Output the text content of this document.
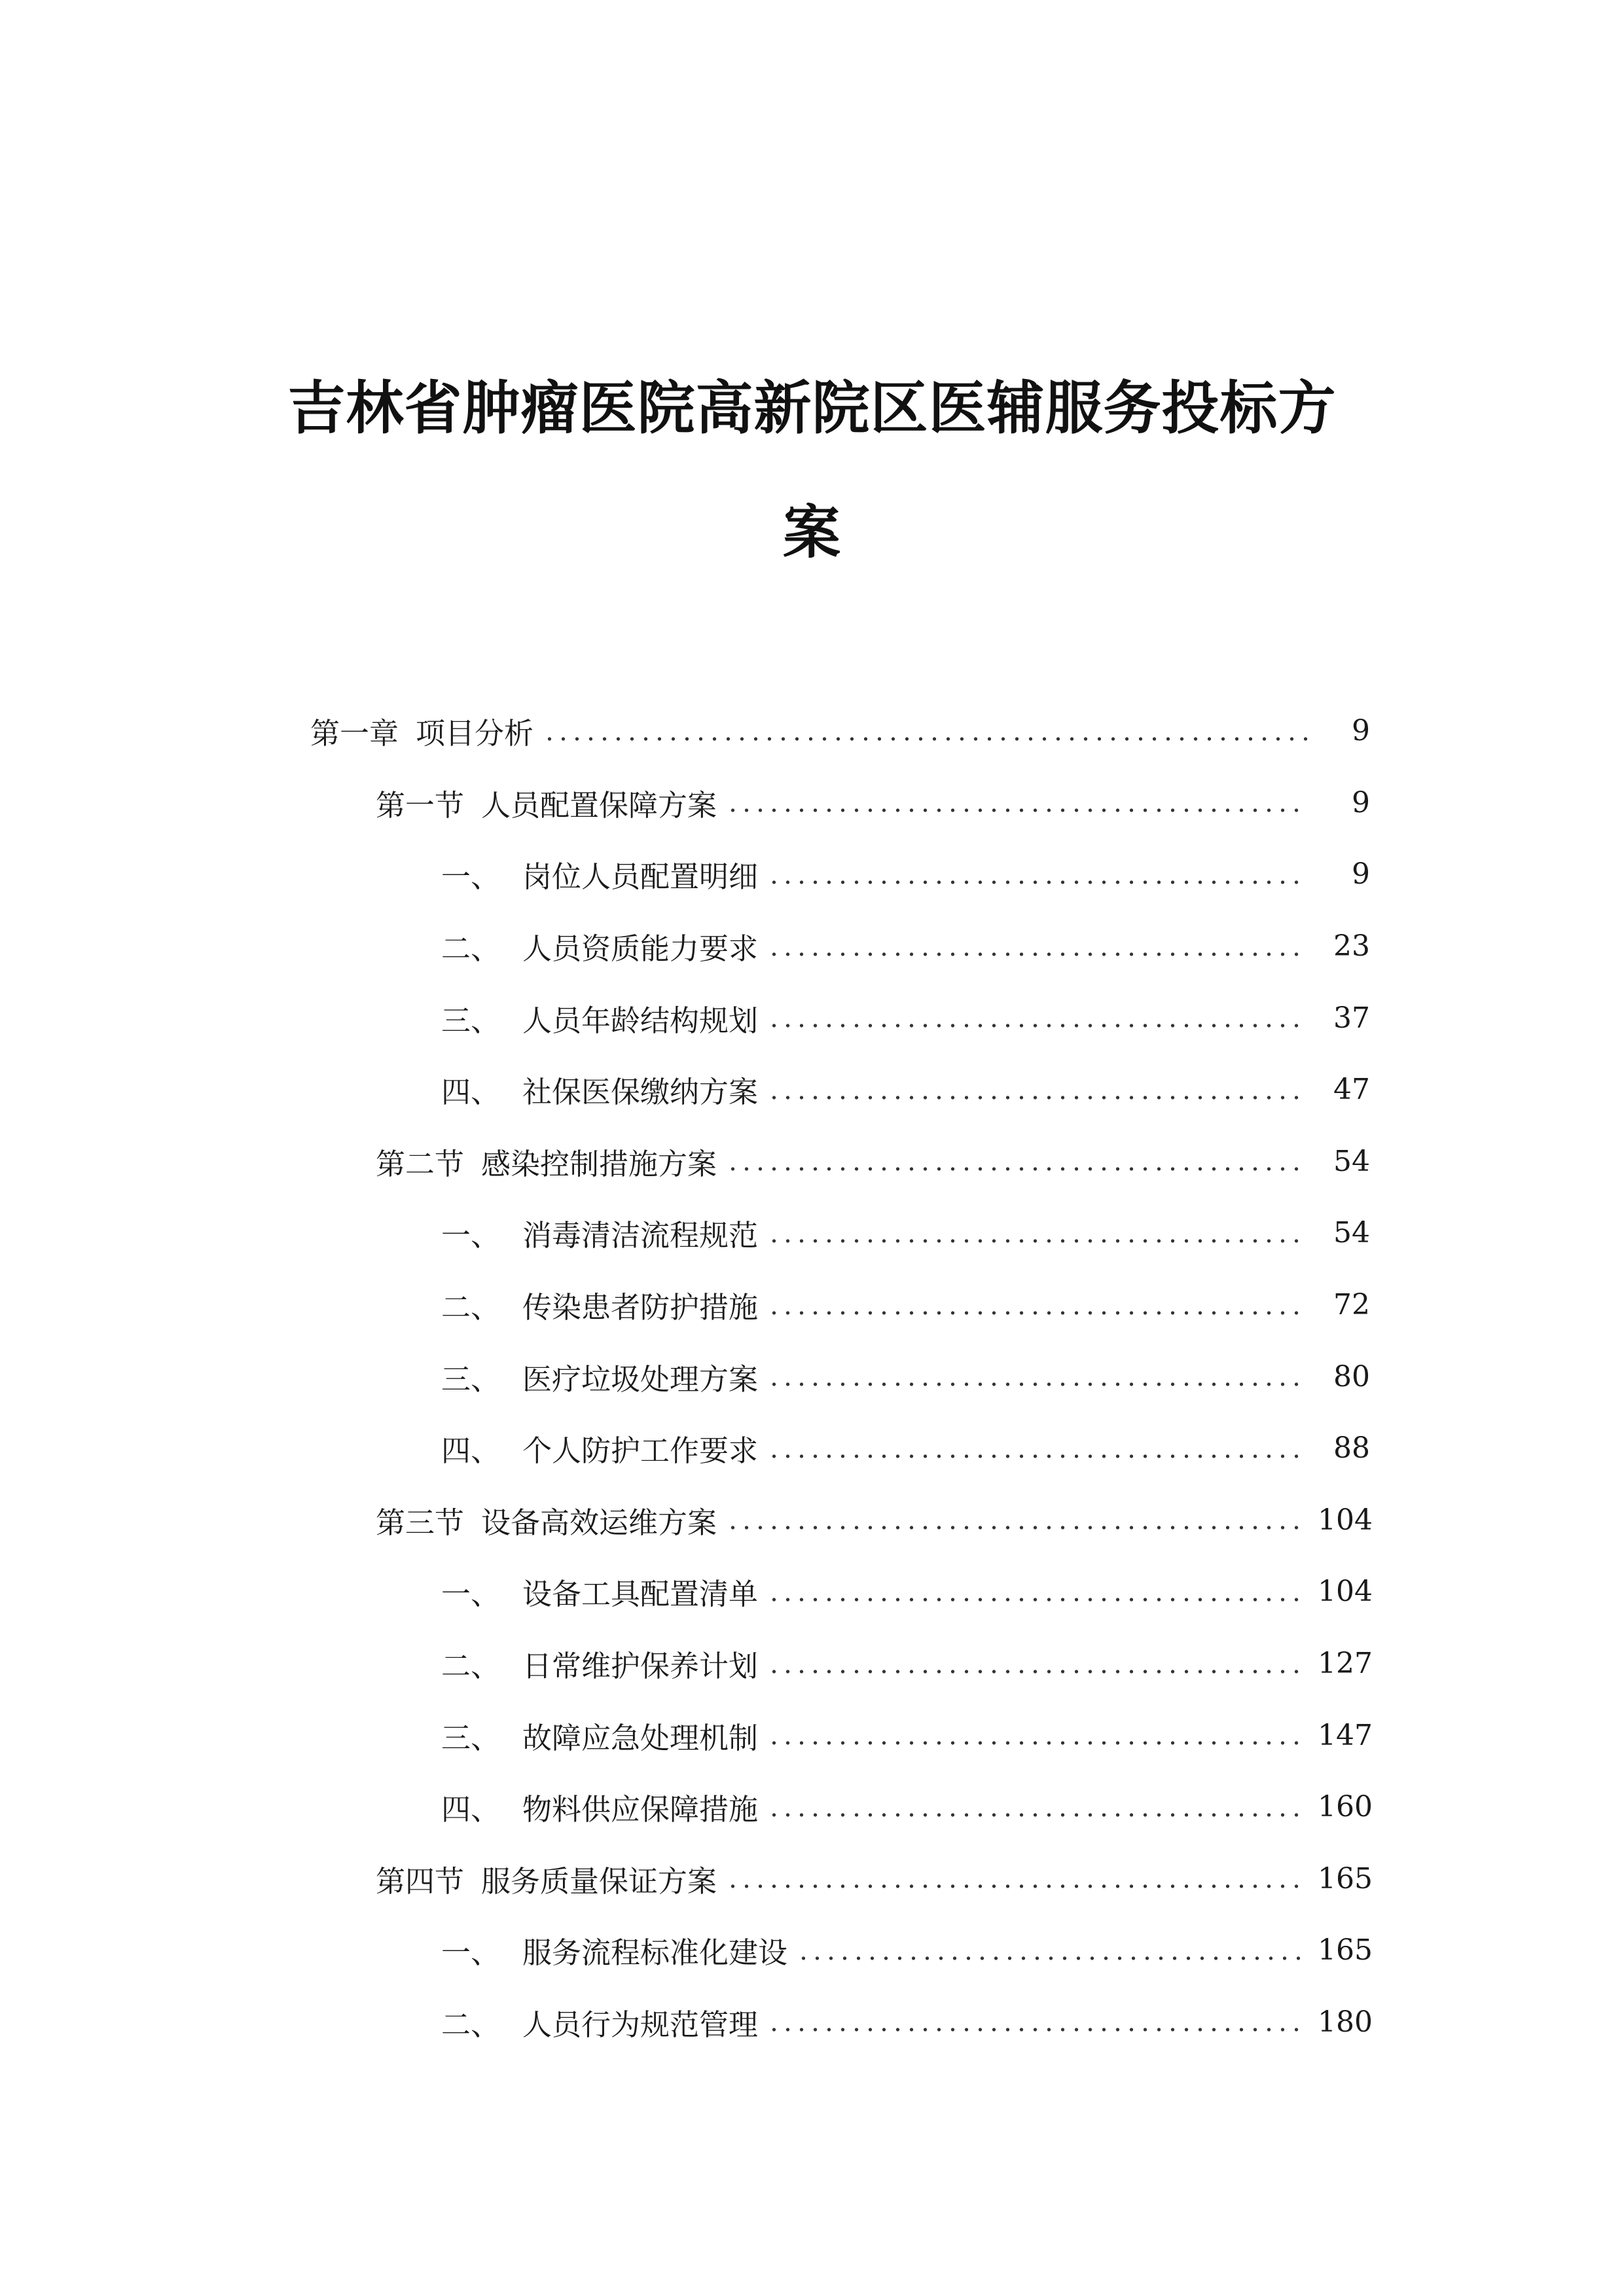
吉林省肿瘤医院高新院区医辅服务投标方
案
第一章 项目分析	9
第一节 人员配置保障方案	9
一、 岗位人员配置明细	9
二、 人员资质能力要求	23
三、 人员年龄结构规划	37
四、 社保医保缴纳方案	47
第二节 感染控制措施方案	54
一、 消毒清洁流程规范	54
二、 传染患者防护措施	72
三、 医疗垃圾处理方案	80
四、 个人防护工作要求	88
第三节 设备高效运维方案	104
一、 设备工具配置清单	104
二、 日常维护保养计划	127
三、 故障应急处理机制	147
四、 物料供应保障措施	160
第四节 服务质量保证方案	165
一、 服务流程标准化建设	165
二、 人员行为规范管理	180
